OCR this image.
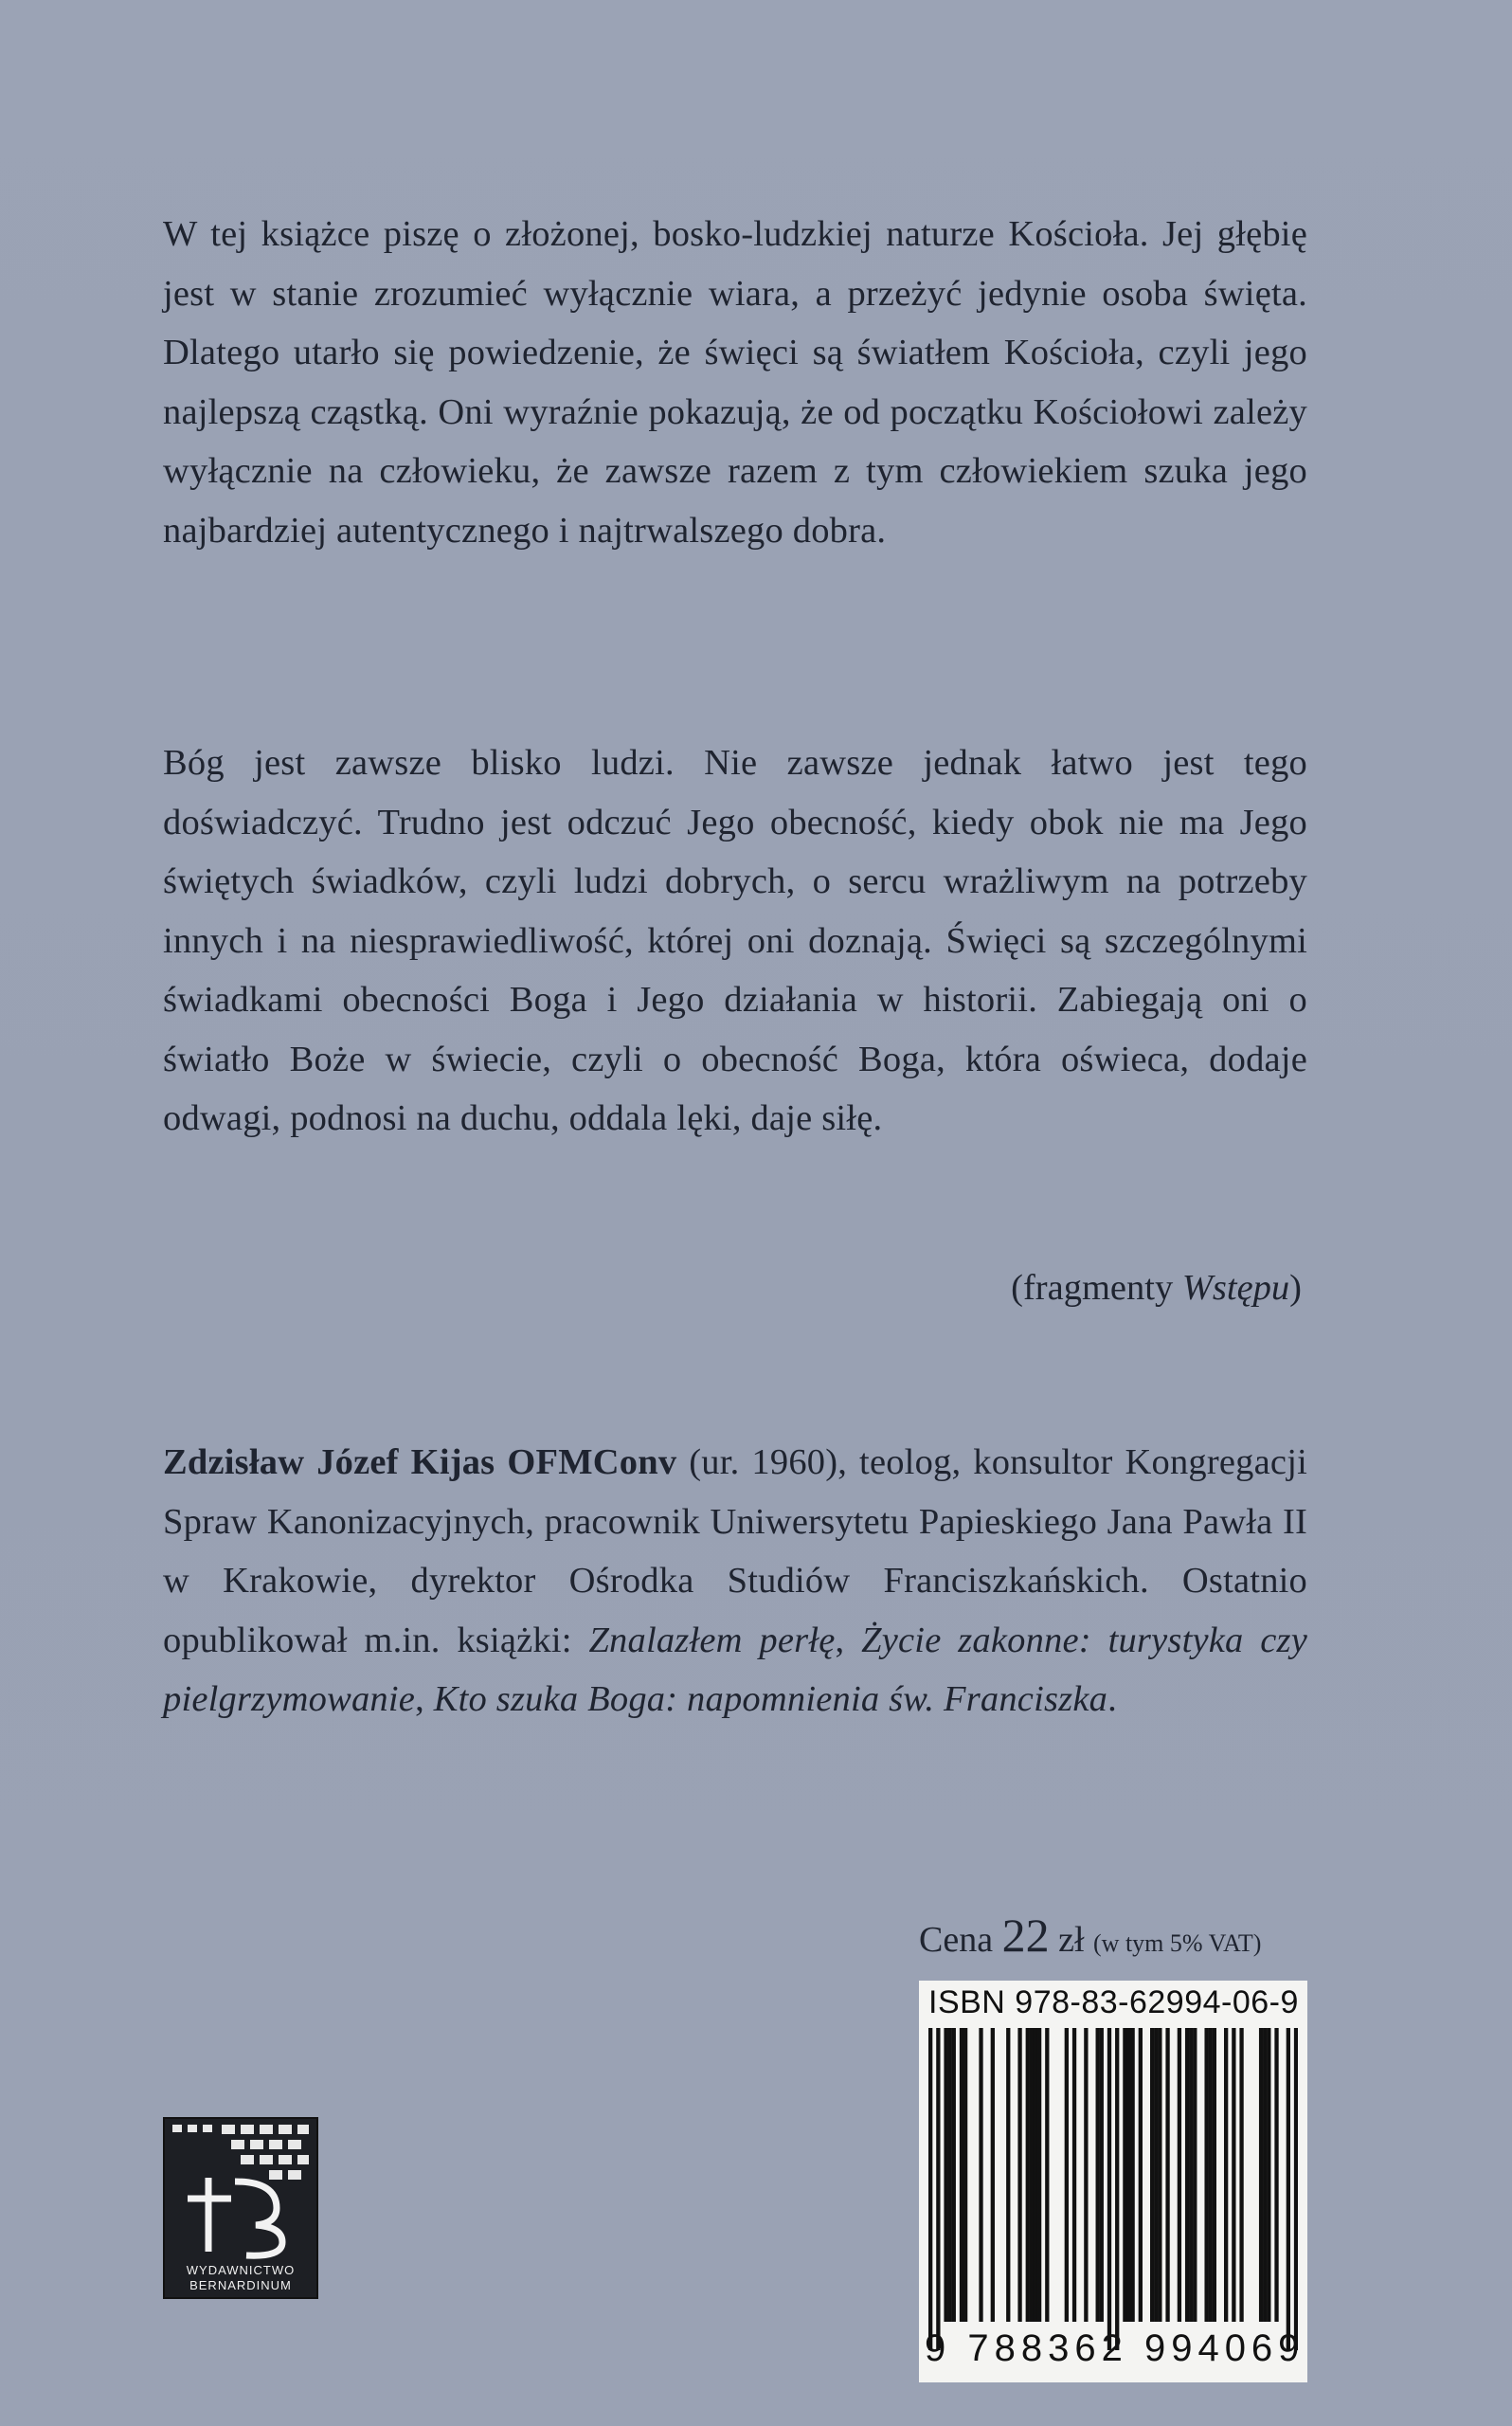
W tej książce piszę o złożonej, bosko-ludzkiej naturze Kościoła. Jej głębię jest w stanie zrozumieć wyłącznie wiara, a przeżyć jedynie osoba święta. Dlatego utarło się powiedzenie, że święci są światłem Kościoła, czyli jego najlepszą cząstką. Oni wyraźnie pokazują, że od początku Kościołowi zależy wyłącznie na człowieku, że zawsze razem z tym człowiekiem szuka jego najbardziej autentycznego i najtrwalszego dobra.

Bóg jest zawsze blisko ludzi. Nie zawsze jednak łatwo jest tego doświadczyć. Trudno jest odczuć Jego obecność, kiedy obok nie ma Jego świętych świadków, czyli ludzi dobrych, o sercu wrażliwym na potrzeby innych i na niesprawiedliwość, której oni doznają. Święci są szczególnymi świadkami obecności Boga i Jego działania w historii. Zabiegają oni o światło Boże w świecie, czyli o obecność Boga, która oświeca, dodaje odwagi, podnosi na duchu, oddala lęki, daje siłę.

(fragmenty Wstępu)

Zdzisław Józef Kijas OFMConv (ur. 1960), teolog, konsultor Kongregacji Spraw Kanonizacyjnych, pracownik Uniwersytetu Papieskiego Jana Pawła II w Krakowie, dyrektor Ośrodka Studiów Franciszkańskich. Ostatnio opublikował m.in. książki: Znalazłem perłę, Życie zakonne: turystyka czy pielgrzymowanie, Kto szuka Boga: napomnienia św. Franciszka.

Cena 22 zł (w tym 5% VAT)
ISBN 978-83-62994-06-9
9 788362 994069
WYDAWNICTWO
BERNARDINUM
